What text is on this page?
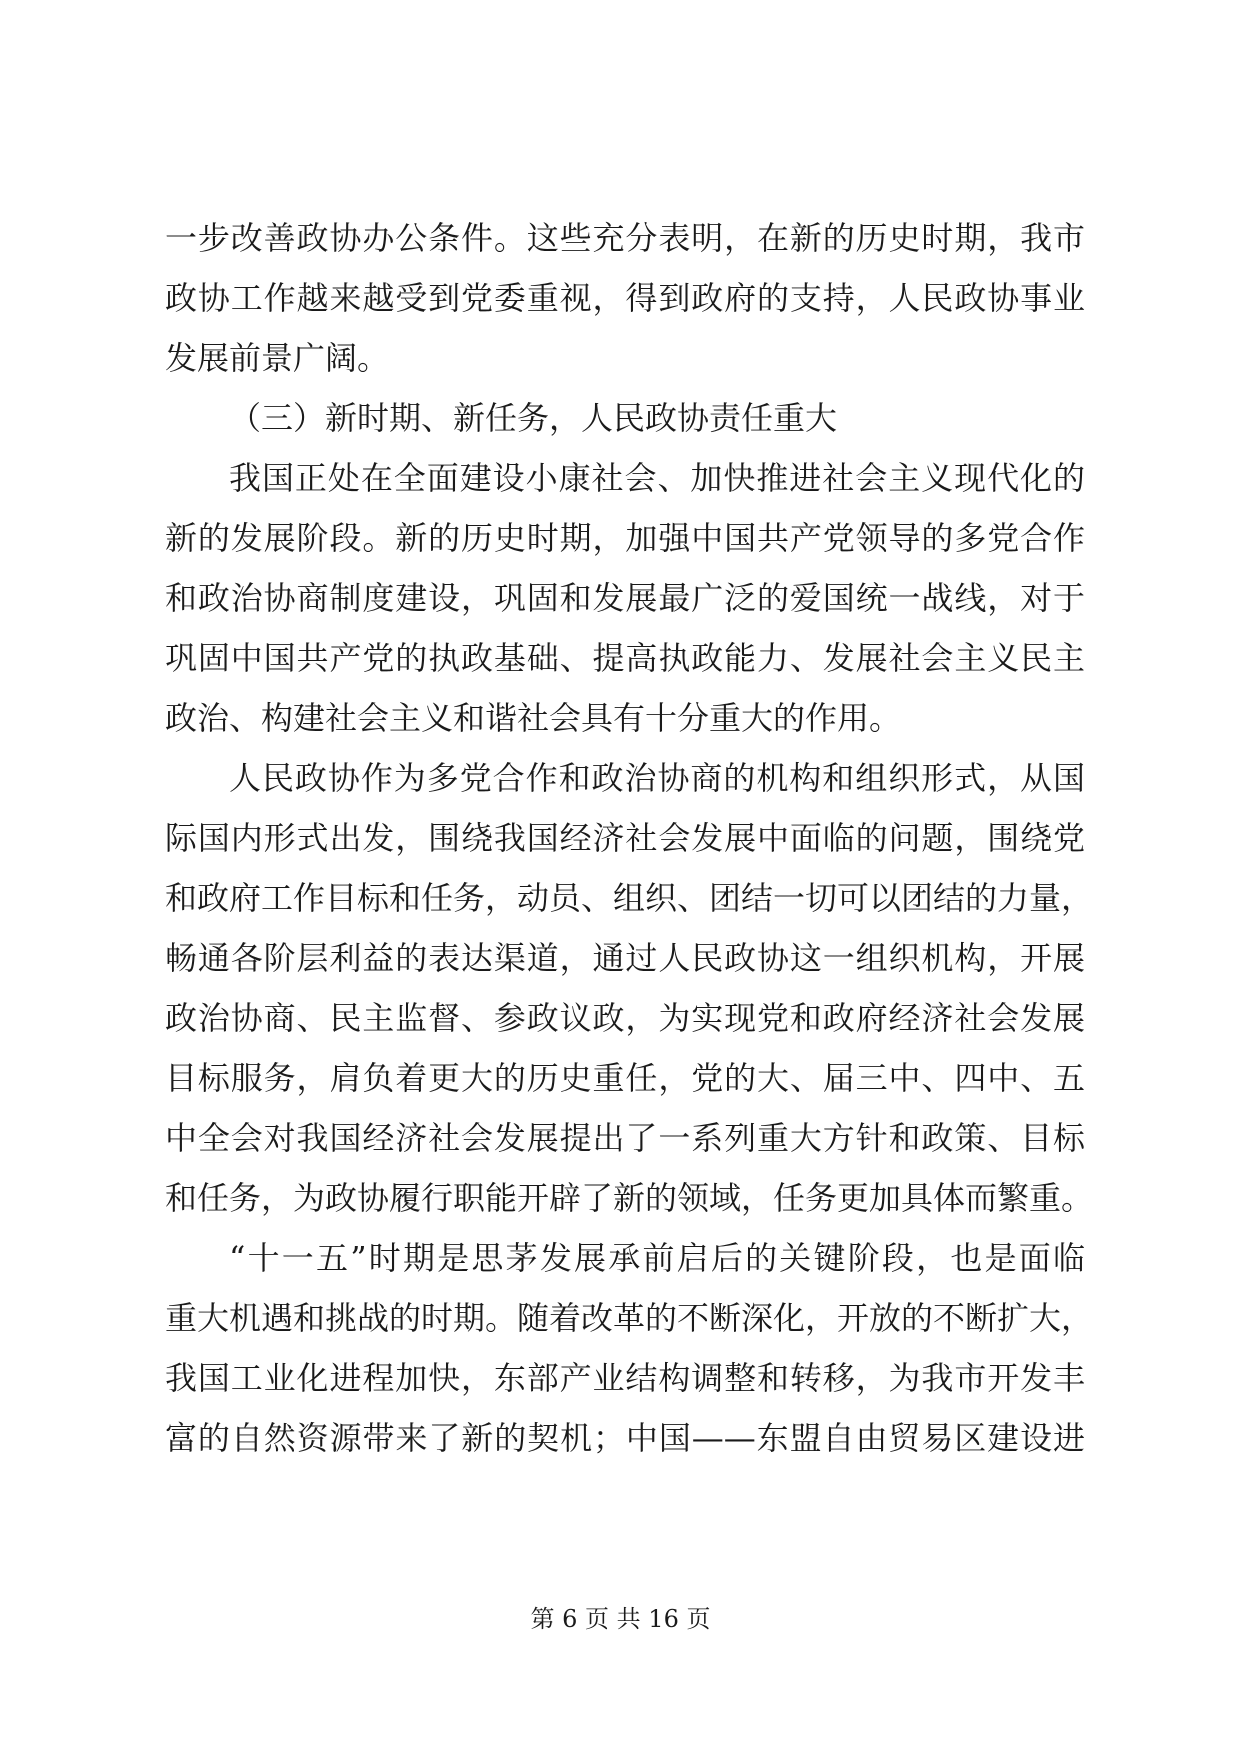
一步改善政协办公条件。这些充分表明，在新的历史时期，我市
政协工作越来越受到党委重视，得到政府的支持，人民政协事业
发展前景广阔。
（三）新时期、新任务，人民政协责任重大
我国正处在全面建设小康社会、加快推进社会主义现代化的
新的发展阶段。新的历史时期，加强中国共产党领导的多党合作
和政治协商制度建设，巩固和发展最广泛的爱国统一战线，对于
巩固中国共产党的执政基础、提高执政能力、发展社会主义民主
政治、构建社会主义和谐社会具有十分重大的作用。
人民政协作为多党合作和政治协商的机构和组织形式，从国
际国内形式出发，围绕我国经济社会发展中面临的问题，围绕党
和政府工作目标和任务，动员、组织、团结一切可以团结的力量，
畅通各阶层利益的表达渠道，通过人民政协这一组织机构，开展
政治协商、民主监督、参政议政，为实现党和政府经济社会发展
目标服务，肩负着更大的历史重任，党的大、届三中、四中、五
中全会对我国经济社会发展提出了一系列重大方针和政策、目标
和任务，为政协履行职能开辟了新的领域，任务更加具体而繁重。
“十一五”时期是思茅发展承前启后的关键阶段，也是面临
重大机遇和挑战的时期。随着改革的不断深化，开放的不断扩大，
我国工业化进程加快，东部产业结构调整和转移，为我市开发丰
富的自然资源带来了新的契机；中国——东盟自由贸易区建设进
第 6 页 共 16 页
